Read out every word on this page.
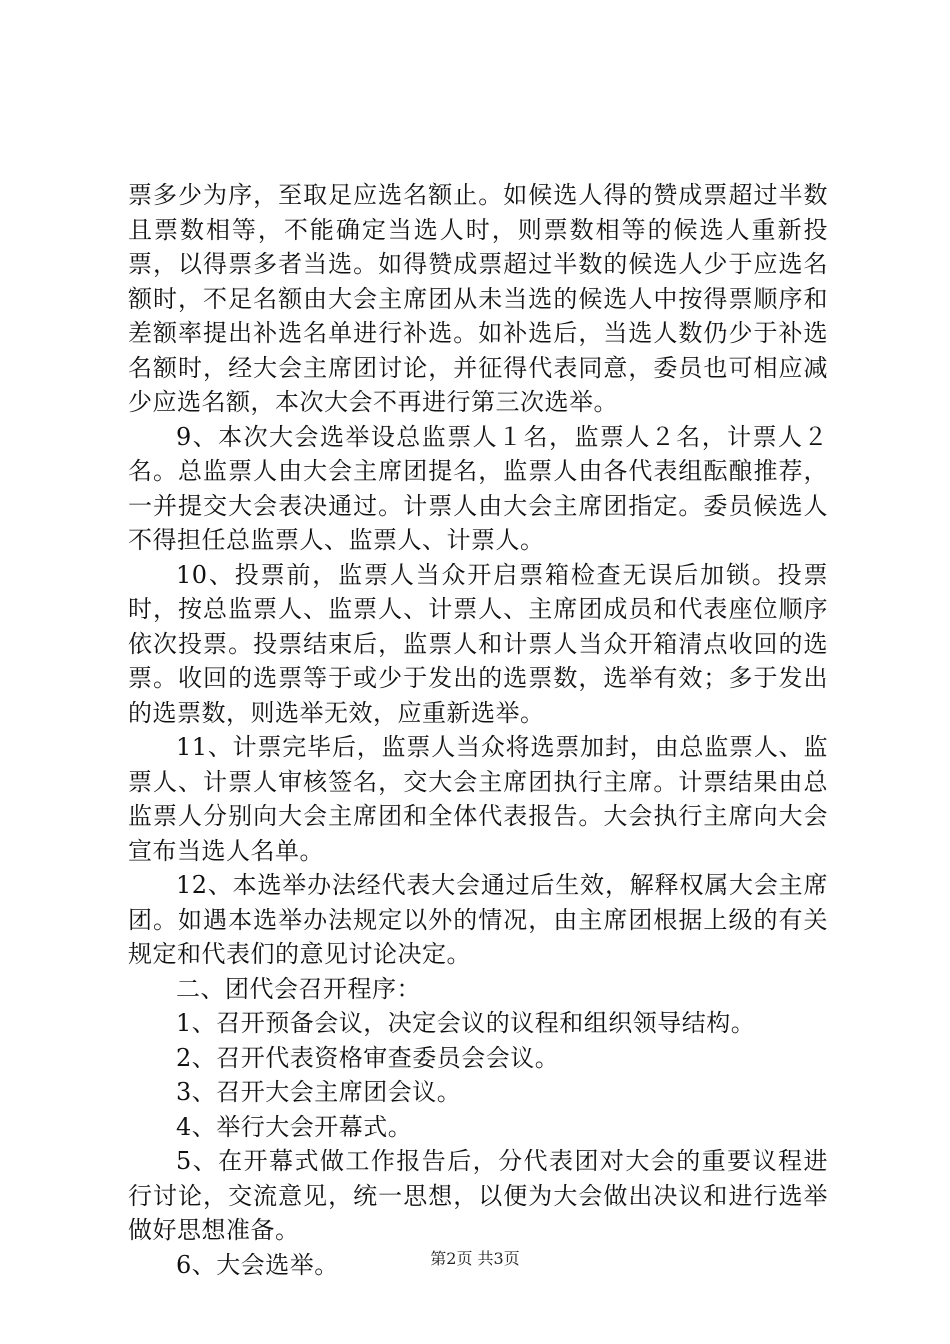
票多少为序，至取足应选名额止。如候选人得的赞成票超过半数且票数相等，不能确定当选人时，则票数相等的候选人重新投票，以得票多者当选。如得赞成票超过半数的候选人少于应选名额时，不足名额由大会主席团从未当选的候选人中按得票顺序和差额率提出补选名单进行补选。如补选后，当选人数仍少于补选名额时，经大会主席团讨论，并征得代表同意，委员也可相应减少应选名额，本次大会不再进行第三次选举。

9、本次大会选举设总监票人１名，监票人２名，计票人２名。总监票人由大会主席团提名，监票人由各代表组酝酿推荐，一并提交大会表决通过。计票人由大会主席团指定。委员候选人不得担任总监票人、监票人、计票人。

10、投票前，监票人当众开启票箱检查无误后加锁。投票时，按总监票人、监票人、计票人、主席团成员和代表座位顺序依次投票。投票结束后，监票人和计票人当众开箱清点收回的选票。收回的选票等于或少于发出的选票数，选举有效；多于发出的选票数，则选举无效，应重新选举。

11、计票完毕后，监票人当众将选票加封，由总监票人、监票人、计票人审核签名，交大会主席团执行主席。计票结果由总监票人分别向大会主席团和全体代表报告。大会执行主席向大会宣布当选人名单。

12、本选举办法经代表大会通过后生效，解释权属大会主席团。如遇本选举办法规定以外的情况，由主席团根据上级的有关规定和代表们的意见讨论决定。

二、团代会召开程序：

1、召开预备会议，决定会议的议程和组织领导结构。

2、召开代表资格审查委员会会议。

3、召开大会主席团会议。

4、举行大会开幕式。

5、在开幕式做工作报告后，分代表团对大会的重要议程进行讨论，交流意见，统一思想，以便为大会做出决议和进行选举做好思想准备。

6、大会选举。	第2页 共3页
